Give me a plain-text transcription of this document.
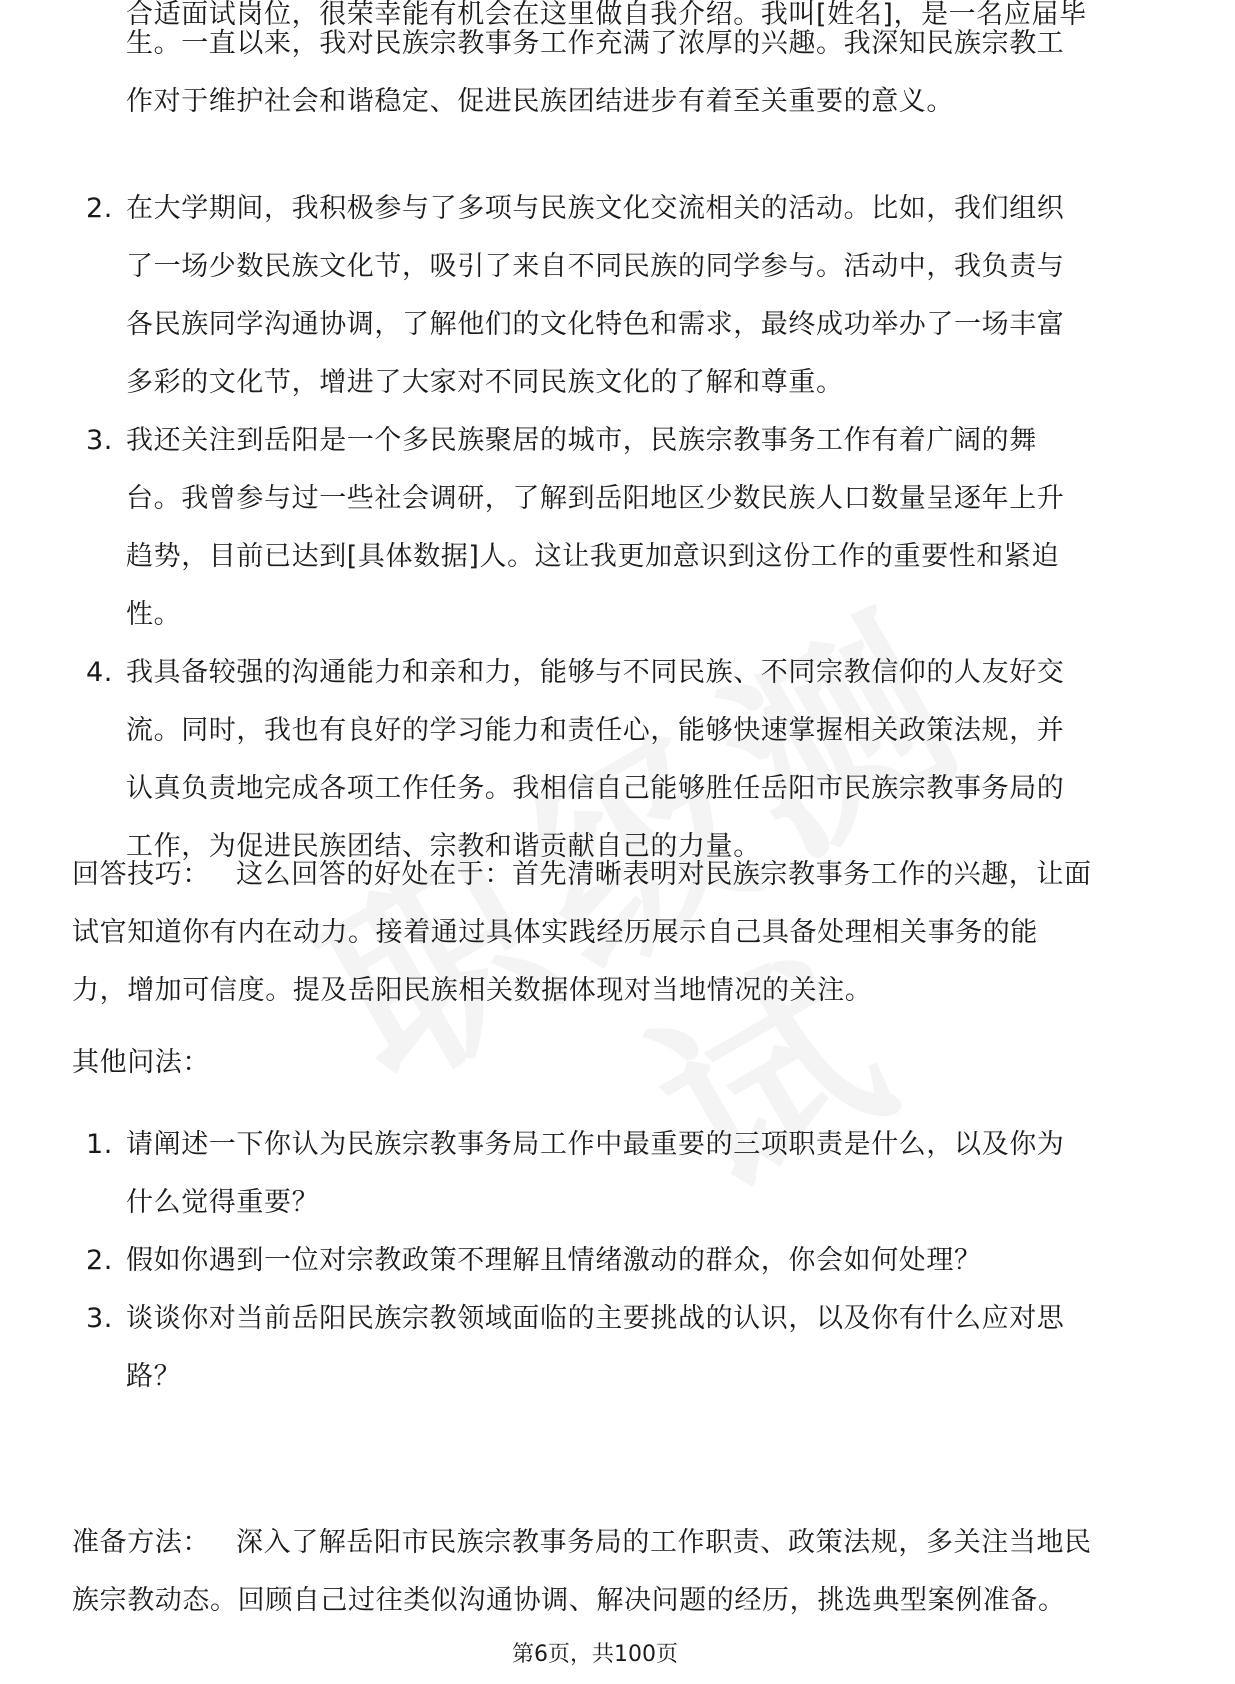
合适面试岗位，很荣幸能有机会在这里做自我介绍。我叫[姓名]，是一名应届毕
生。一直以来，我对民族宗教事务工作充满了浓厚的兴趣。我深知民族宗教工
作对于维护社会和谐稳定、促进民族团结进步有着至关重要的意义。
2. 在大学期间，我积极参与了多项与民族文化交流相关的活动。比如，我们组织
了一场少数民族文化节，吸引了来自不同民族的同学参与。活动中，我负责与
各民族同学沟通协调，了解他们的文化特色和需求，最终成功举办了一场丰富
多彩的文化节，增进了大家对不同民族文化的了解和尊重。
3. 我还关注到岳阳是一个多民族聚居的城市，民族宗教事务工作有着广阔的舞
台。我曾参与过一些社会调研，了解到岳阳地区少数民族人口数量呈逐年上升
趋势，目前已达到[具体数据]人。这让我更加意识到这份工作的重要性和紧迫
性。
4. 我具备较强的沟通能力和亲和力，能够与不同民族、不同宗教信仰的人友好交
流。同时，我也有良好的学习能力和责任心，能够快速掌握相关政策法规，并
认真负责地完成各项工作任务。我相信自己能够胜任岳阳市民族宗教事务局的
工作，为促进民族团结、宗教和谐贡献自己的力量。
回答技巧： 这么回答的好处在于：首先清晰表明对民族宗教事务工作的兴趣，让面
试官知道你有内在动力。接着通过具体实践经历展示自己具备处理相关事务的能
力，增加可信度。提及岳阳民族相关数据体现对当地情况的关注。
其他问法：
1. 请阐述一下你认为民族宗教事务局工作中最重要的三项职责是什么，以及你为
什么觉得重要？
2. 假如你遇到一位对宗教政策不理解且情绪激动的群众，你会如何处理？
3. 谈谈你对当前岳阳民族宗教领域面临的主要挑战的认识，以及你有什么应对思
路？
准备方法： 深入了解岳阳市民族宗教事务局的工作职责、政策法规，多关注当地民
族宗教动态。回顾自己过往类似沟通协调、解决问题的经历，挑选典型案例准备。
第6页，共100页
